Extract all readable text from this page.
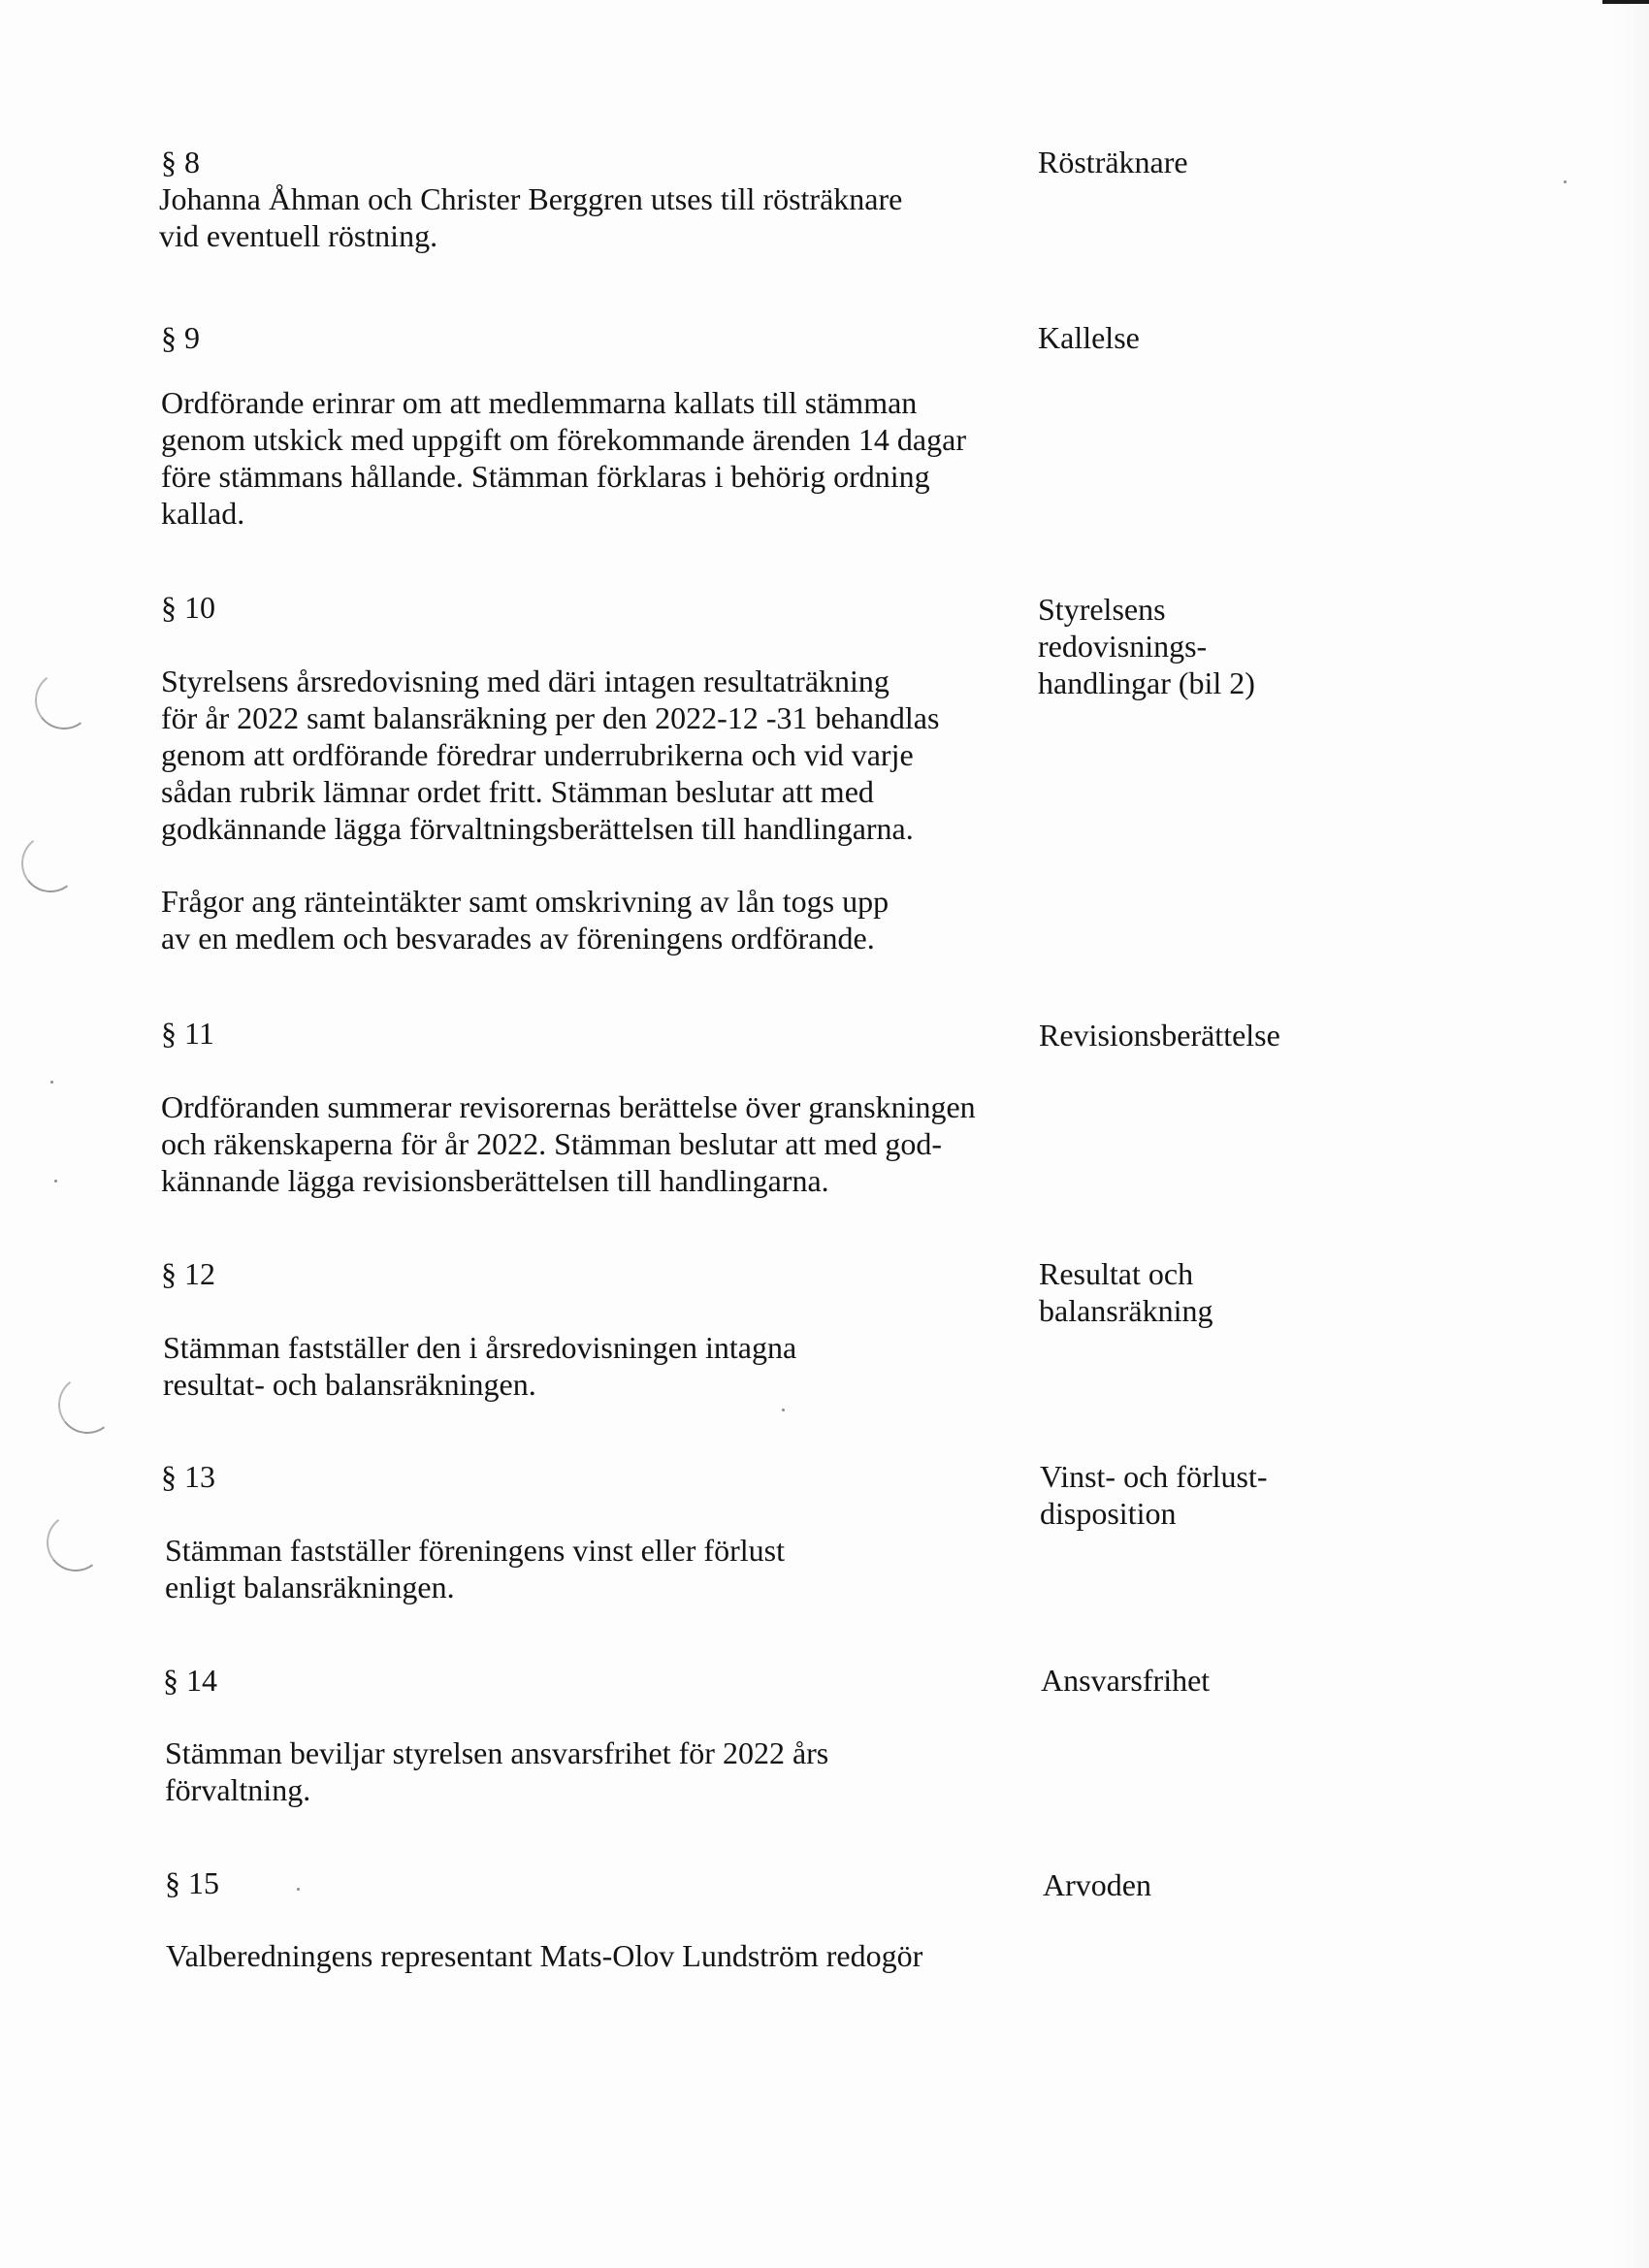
§ 8	Rösträknare

Johanna Åhman och Christer Berggren utses till rösträknare

vid eventuell röstning.

§ 9	Kallelse

Ordförande erinrar om att medlemmarna kallats till stämman

genom utskick med uppgift om förekommande ärenden 14 dagar

före stämmans hållande. Stämman förklaras i behörig ordning

kallad.

§ 10	Styrelsens

redovisnings-

handlingar (bil 2)

Styrelsens årsredovisning med däri intagen resultaträkning

för år 2022 samt balansräkning per den 2022-12 -31 behandlas

genom att ordförande föredrar underrubrikerna och vid varje

sådan rubrik lämnar ordet fritt. Stämman beslutar att med

godkännande lägga förvaltningsberättelsen till handlingarna.

Frågor ang ränteintäkter samt omskrivning av lån togs upp

av en medlem och besvarades av föreningens ordförande.

§ 11	Revisionsberättelse

Ordföranden summerar revisorernas berättelse över granskningen

och räkenskaperna för år 2022. Stämman beslutar att med god-

kännande lägga revisionsberättelsen till handlingarna.

§ 12	Resultat och

balansräkning

Stämman fastställer den i årsredovisningen intagna

resultat- och balansräkningen.

§ 13	Vinst- och förlust-

disposition

Stämman fastställer föreningens vinst eller förlust

enligt balansräkningen.

§ 14	Ansvarsfrihet

Stämman beviljar styrelsen ansvarsfrihet för 2022 års

förvaltning.

§ 15	Arvoden

Valberedningens representant Mats-Olov Lundström redogör
